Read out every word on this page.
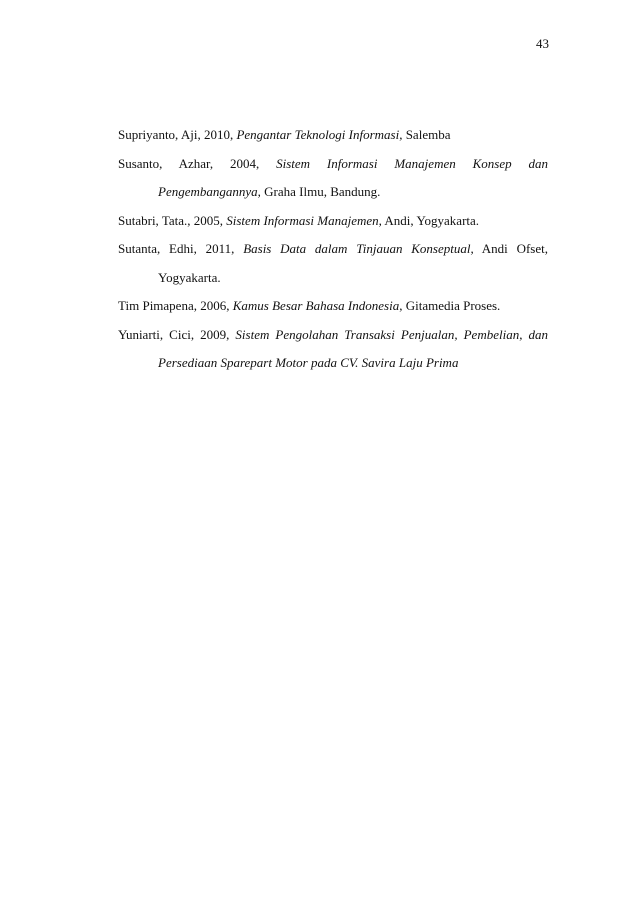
43
Supriyanto, Aji, 2010, Pengantar Teknologi Informasi, Salemba
Susanto, Azhar, 2004, Sistem Informasi Manajemen Konsep dan Pengembangannya, Graha Ilmu, Bandung.
Sutabri, Tata., 2005, Sistem Informasi Manajemen, Andi, Yogyakarta.
Sutanta, Edhi, 2011, Basis Data dalam Tinjauan Konseptual, Andi Ofset, Yogyakarta.
Tim Pimapena, 2006, Kamus Besar Bahasa Indonesia, Gitamedia Proses.
Yuniarti, Cici, 2009, Sistem Pengolahan Transaksi Penjualan, Pembelian, dan Persediaan Sparepart Motor pada CV. Savira Laju Prima
